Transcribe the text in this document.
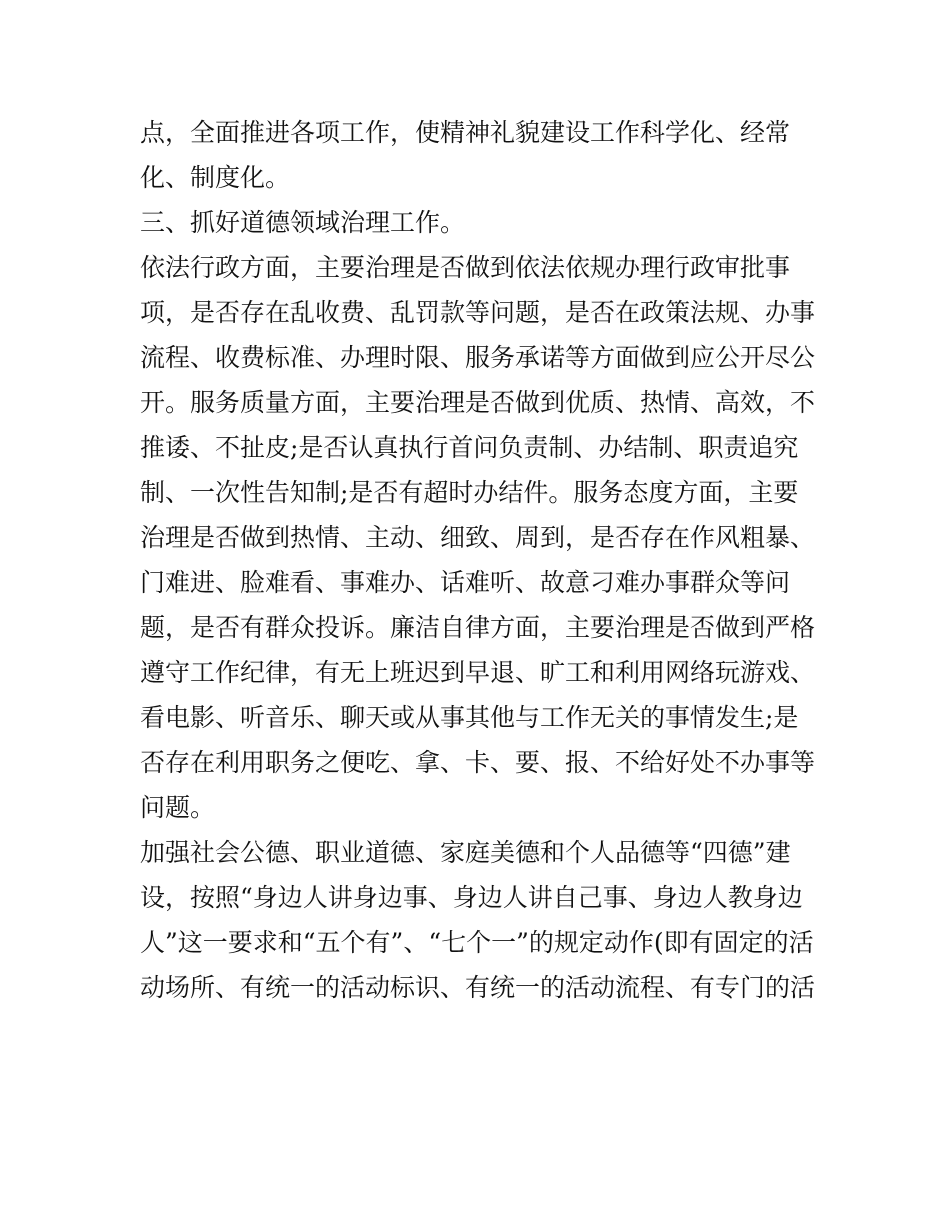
点，全面推进各项工作，使精神礼貌建设工作科学化、经常
化、制度化。
三、抓好道德领域治理工作。
依法行政方面，主要治理是否做到依法依规办理行政审批事
项，是否存在乱收费、乱罚款等问题，是否在政策法规、办事
流程、收费标准、办理时限、服务承诺等方面做到应公开尽公
开。服务质量方面，主要治理是否做到优质、热情、高效，不
推诿、不扯皮;是否认真执行首问负责制、办结制、职责追究
制、一次性告知制;是否有超时办结件。服务态度方面，主要
治理是否做到热情、主动、细致、周到，是否存在作风粗暴、
门难进、脸难看、事难办、话难听、故意刁难办事群众等问
题，是否有群众投诉。廉洁自律方面，主要治理是否做到严格
遵守工作纪律，有无上班迟到早退、旷工和利用网络玩游戏、
看电影、听音乐、聊天或从事其他与工作无关的事情发生;是
否存在利用职务之便吃、拿、卡、要、报、不给好处不办事等
问题。
加强社会公德、职业道德、家庭美德和个人品德等“四德”建
设，按照“身边人讲身边事、身边人讲自己事、身边人教身边
人”这一要求和“五个有”、“七个一”的规定动作(即有固定的活
动场所、有统一的活动标识、有统一的活动流程、有专门的活
